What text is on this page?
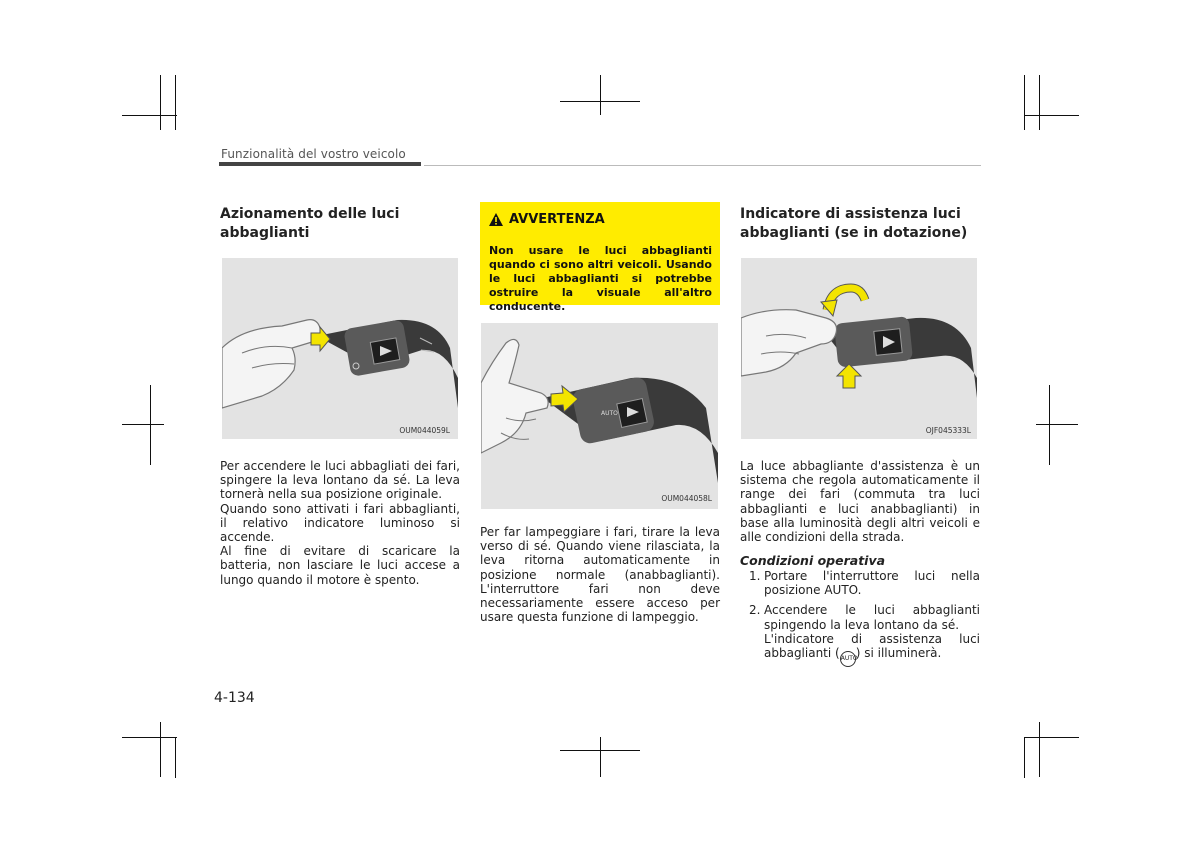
Funzionalità del vostro veicolo
Azionamento delle luci abbaglianti
OUM044059L

Per accendere le luci abbagliati dei fari, spingere la leva lontano da sé. La leva tornerà nella sua posizione originale.

Quando sono attivati i fari abbaglianti, il relativo indicatore luminoso si accende.

Al fine di evitare di scaricare la batteria, non lasciare le luci accese a lungo quando il motore è spento.

AVVERTENZA
Non usare le luci abbaglianti quando ci sono altri veicoli. Usando le luci abbaglianti si potrebbe ostruire la visuale all'altro conducente.
AUTO
OUM044058L
Per far lampeggiare i fari, tirare la leva verso di sé. Quando viene rilasciata, la leva ritorna automaticamente in posizione normale (anabbaglianti). L'interruttore fari non deve necessariamente essere acceso per usare questa funzione di lampeggio.
Indicatore di assistenza luci abbaglianti (se in dotazione)
OJF045333L
La luce abbagliante d'assistenza è un sistema che regola automaticamente il range dei fari (commuta tra luci abbaglianti e luci anabbaglianti) in base alla luminosità degli altri veicoli e alle condizioni della strada.
Condizioni operativa
1. Portare l'interruttore luci nella posizione AUTO.
2. Accendere le luci abbaglianti spingendo la leva lontano da sé.
L'indicatore di assistenza luci abbaglianti (AUTO) si illuminerà.
4-134
